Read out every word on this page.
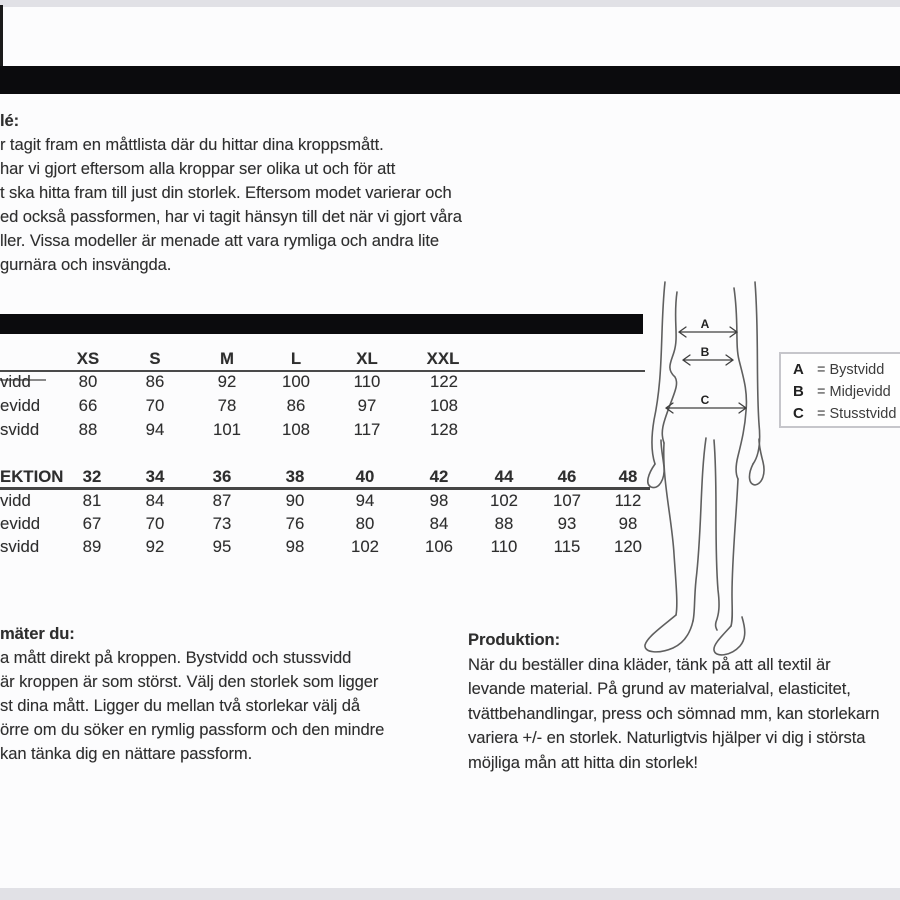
lé:
r tagit fram en måttlista där du hittar dina kroppsmått.
har vi gjort eftersom alla kroppar ser olika ut och för att
t ska hitta fram till just din storlek. Eftersom modet varierar och
ed också passformen, har vi tagit hänsyn till det när vi gjort våra
ller. Vissa modeller är menade att vara rymliga och andra lite
gurnära och insvängda.
XS	S	M	L	XL	XXL
vidd	80	86	92	100	110	122
evidd 66	70	78	86	97	108
svidd 88	94	101 108	117	128
EKTION 32	34	36	38	40	42	44	46	48
vidd	81	84	87	90	94	98 102 107 112
evidd	67	70	73	76	80	84	88	93	98
svidd	89	92	95	98	102	106 110 115 120
A
B
C
A = Bystvidd
B = Midjevidd
C = Stusstvidd
mäter du:
a mått direkt på kroppen. Bystvidd och stussvidd
är kroppen är som störst. Välj den storlek som ligger
st dina mått. Ligger du mellan två storlekar välj då
örre om du söker en rymlig passform och den mindre
kan tänka dig en nättare passform.
Produktion:
När du beställer dina kläder, tänk på att all textil är
levande material. På grund av materialval, elasticitet,
tvättbehandlingar, press och sömnad mm, kan storlekarn
variera +/- en storlek. Naturligtvis hjälper vi dig i största
möjliga mån att hitta din storlek!
